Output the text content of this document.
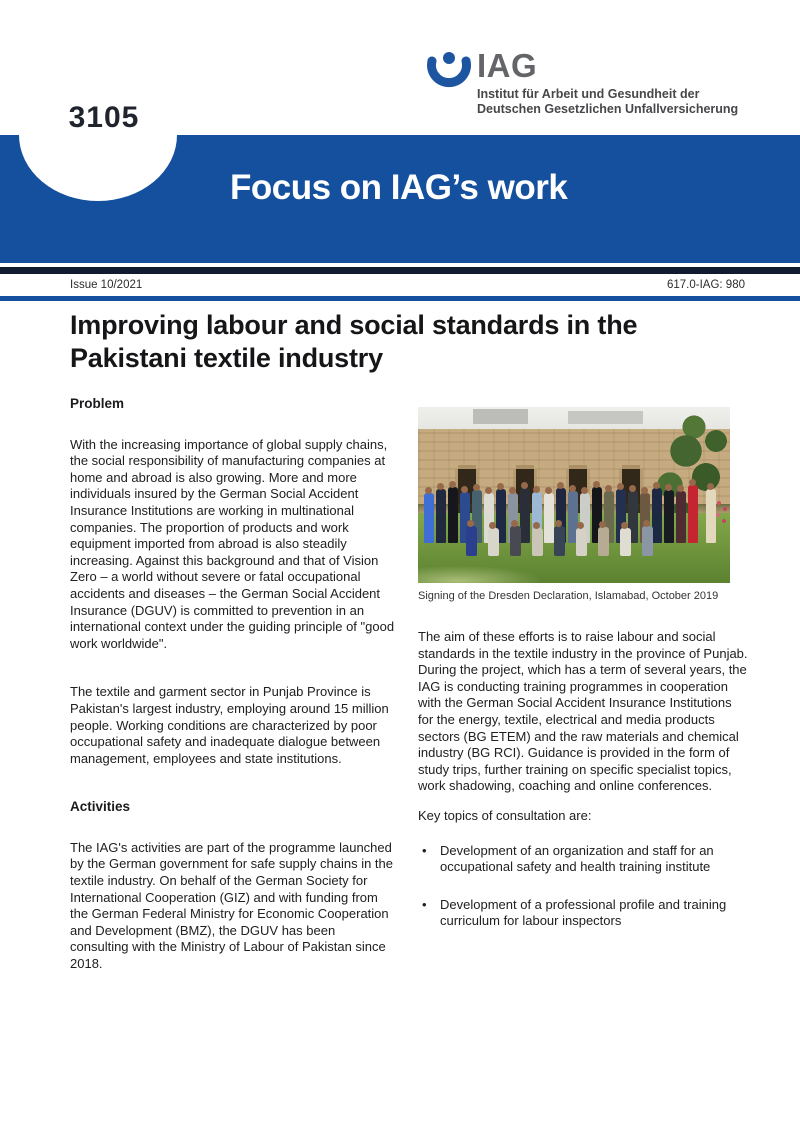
IAG
Institut für Arbeit und Gesundheit der
Deutschen Gesetzlichen Unfallversicherung
3105
Focus on IAG’s work
Issue 10/2021	617.0-IAG: 980
Improving labour and social standards in the Pakistani textile industry
Problem

With the increasing importance of global supply chains, the social responsibility of manufacturing companies at home and abroad is also growing. More and more individuals insured by the German Social Accident Insurance Institutions are working in multinational companies. The proportion of products and work equipment imported from abroad is also steadily increasing. Against this background and that of Vision Zero – a world without severe or fatal occupational accidents and diseases – the German Social Accident Insurance (DGUV) is committed to prevention in an international context under the guiding principle of "good work worldwide".

The textile and garment sector in Punjab Province is Pakistan's largest industry, employing around 15 million people. Working conditions are characterized by poor occupational safety and inadequate dialogue between management, employees and state institutions.

Activities

The IAG's activities are part of the programme launched by the German government for safe supply chains in the textile industry. On behalf of the German Society for International Cooperation (GIZ) and with funding from the German Federal Ministry for Economic Cooperation and Development (BMZ), the DGUV has been consulting with the Ministry of Labour of Pakistan since 2018.

Signing of the Dresden Declaration, Islamabad, October 2019

The aim of these efforts is to raise labour and social standards in the textile industry in the province of Punjab. During the project, which has a term of several years, the IAG is conducting training programmes in cooperation with the German Social Accident Insurance Institutions for the energy, textile, electrical and media products sectors (BG ETEM) and the raw materials and chemical industry (BG RCI). Guidance is provided in the form of study trips, further training on specific specialist topics, work shadowing, coaching and online conferences.

Key topics of consultation are:
• Development of an organization and staff for an occupational safety and health training institute
• Development of a professional profile and training curriculum for labour inspectors
